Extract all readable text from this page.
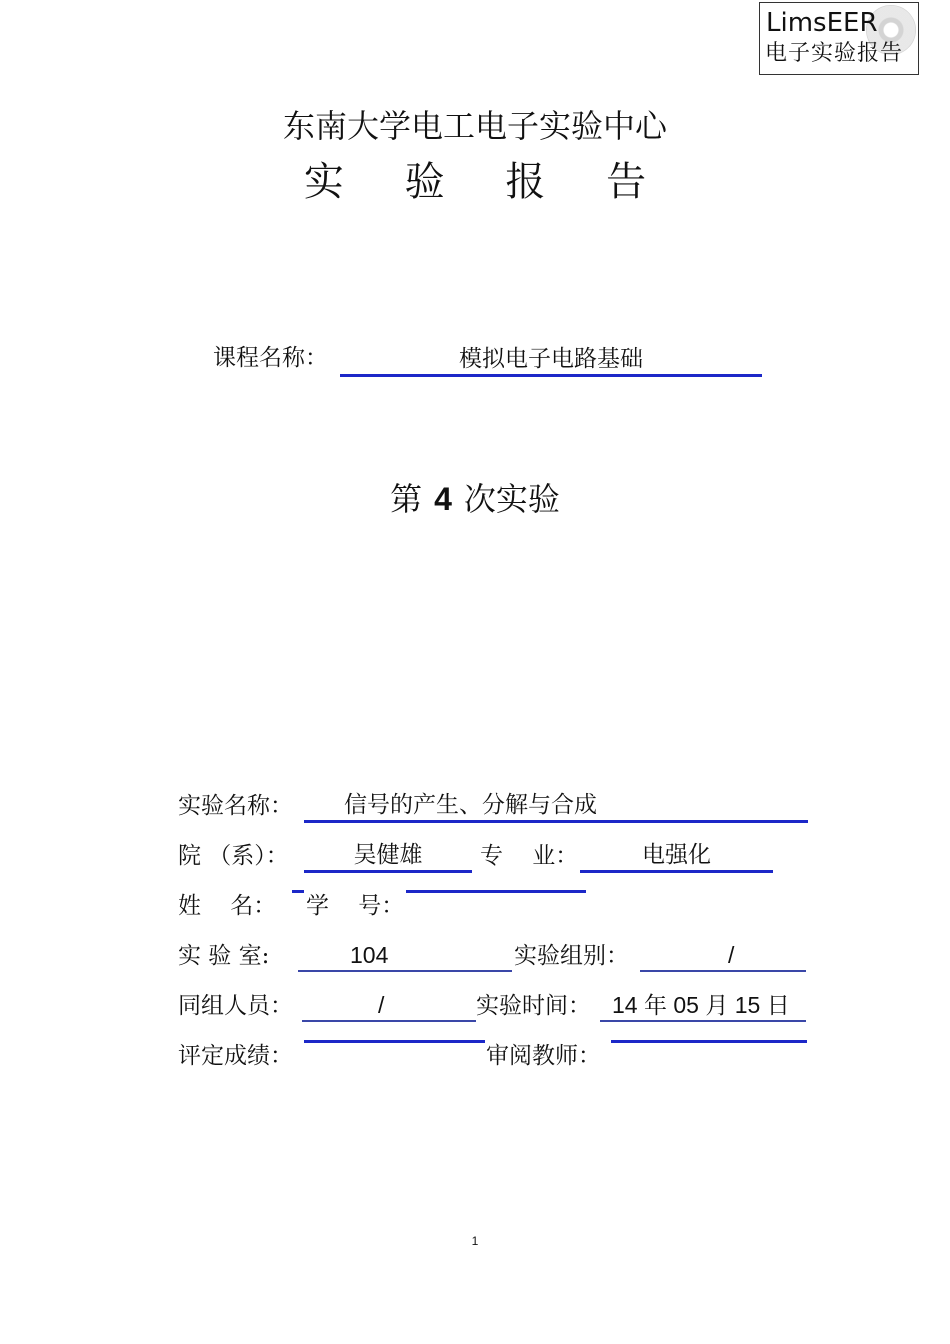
LimsEER
电子实验报告
东南大学电工电子实验中心
实 验 报 告
课程名称：	模拟电子电路基础
第 4 次实验
实验名称：	信号的产生、分解与合成
院 （系）：	吴健雄	专    业：	电强化
姓    名： 学    号：
实 验 室:	104	实验组别：	/
同组人员：	/	实验时间： 14 年 05 月 15 日
评定成绩：	审阅教师：
1
